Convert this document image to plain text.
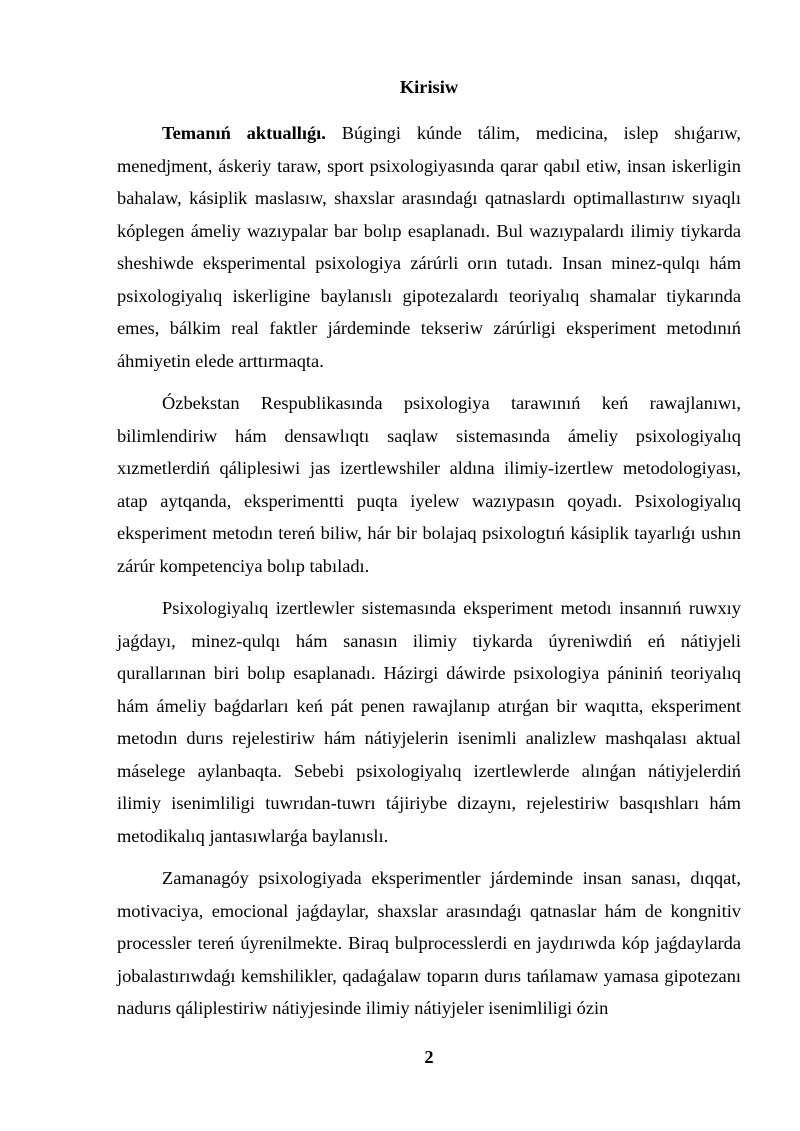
Kirisiw

Temanıń aktuallıǵı. Búgingi kúnde tálim, medicina, islep shıǵarıw, menedjment, áskeriy taraw, sport psixologiyasında qarar qabıl etiw, insan iskerligin bahalaw, kásiplik maslasıw, shaxslar arasındaǵı qatnaslardı optimallastırıw sıyaqlı kóplegen ámeliy wazıypalar bar bolıp esaplanadı. Bul wazıypalardı ilimiy tiykarda sheshiwde eksperimental psixologiya zárúrli orın tutadı. Insan minez-qulqı hám psixologiyalıq iskerligine baylanıslı gipotezalardı teoriyalıq shamalar tiykarında emes, bálkim real faktler járdeminde tekseriw zárúrligi eksperiment metodınıń áhmiyetin elede arttırmaqta.

Ózbekstan Respublikasında psixologiya tarawınıń keń rawajlanıwı, bilimlendiriw hám densawlıqtı saqlaw sistemasında ámeliy psixologiyalıq xızmetlerdiń qáliplesiwi jas izertlewshiler aldına ilimiy-izertlew metodologiyası, atap aytqanda, eksperimentti puqta iyelew wazıypasın qoyadı. Psixologiyalıq eksperiment metodın tereń biliw, hár bir bolajaq psixologtıń kásiplik tayarlıǵı ushın zárúr kompetenciya bolıp tabıladı.

Psixologiyalıq izertlewler sistemasında eksperiment metodı insannıń ruwxıy jaǵdayı, minez-qulqı hám sanasın ilimiy tiykarda úyreniwdiń eń nátiyjeli qurallarınan biri bolıp esaplanadı. Házirgi dáwirde psixologiya pániniń teoriyalıq hám ámeliy baǵdarları keń pát penen rawajlanıp atırǵan bir waqıtta, eksperiment metodın durıs rejelestiriw hám nátiyjelerin isenimli analizlew mashqalası aktual máselege aylanbaqta. Sebebi psixologiyalıq izertlewlerde alınǵan nátiyjelerdiń ilimiy isenimliligi tuwrıdan-tuwrı tájiriybe dizaynı, rejelestiriw basqıshları hám metodikalıq jantasıwlarǵa baylanıslı.

Zamanagóy psixologiyada eksperimentler járdeminde insan sanası, dıqqat, motivaciya, emocional jaǵdaylar, shaxslar arasındaǵı qatnaslar hám de kongnitiv processler tereń úyrenilmekte. Biraq bulprocesslerdi en jaydırıwda kóp jaǵdaylarda jobalastırıwdaǵı kemshilikler, qadaǵalaw toparın durıs tańlamaw yamasa gipotezanı nadurıs qáliplestiriw nátiyjesinde ilimiy nátiyjeler isenimliligi ózin

2
